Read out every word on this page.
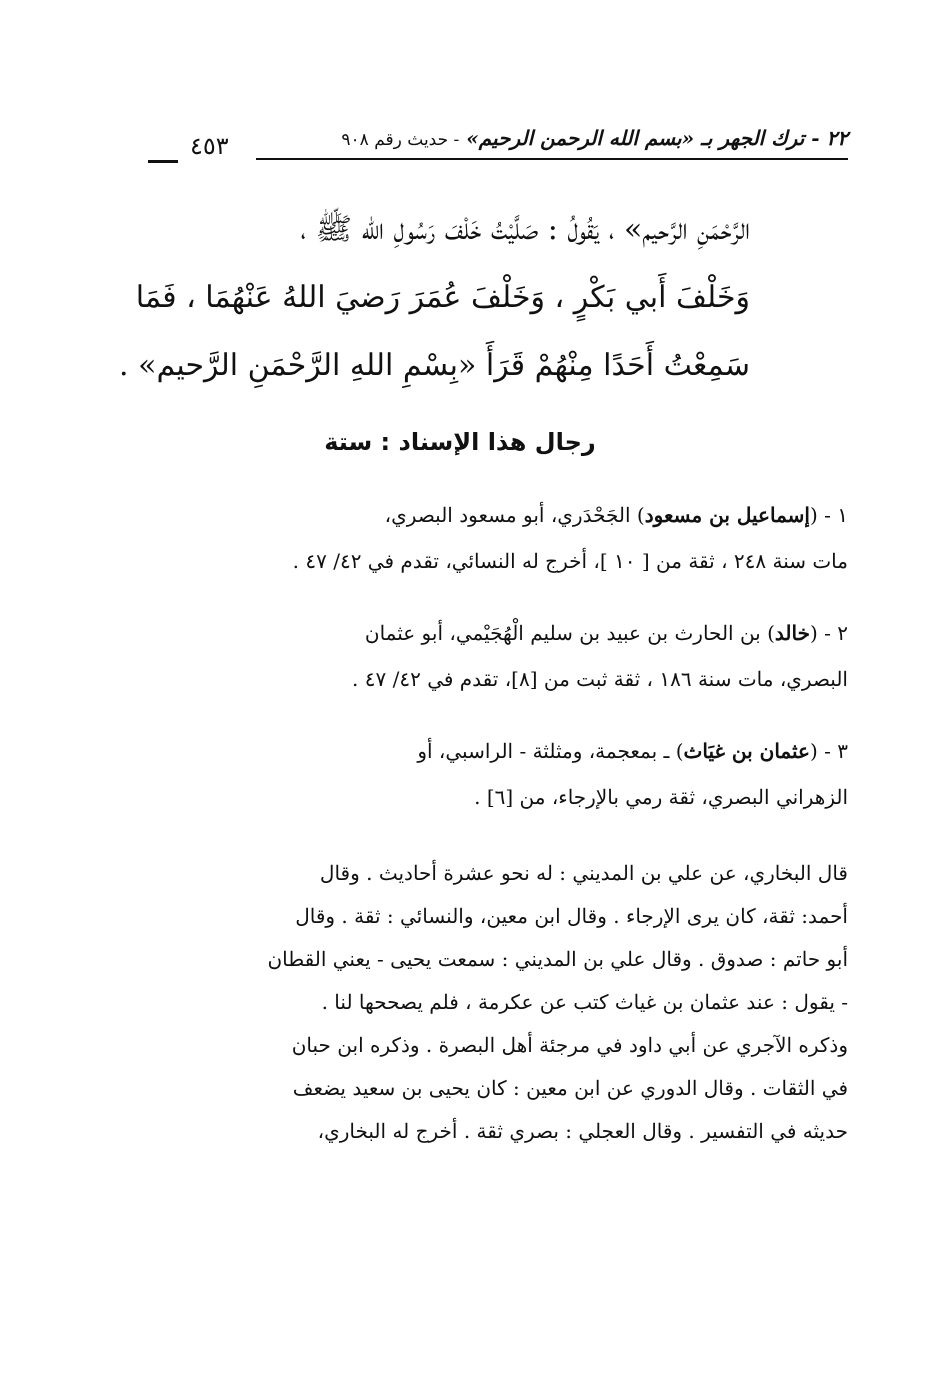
٢٢ - ترك الجهر بـ «بسم الله الرحمن الرحيم» - حديث رقم ٩٠٨
٤٥٣
الرَّحْمَنِ الرَّحيم» ، يَقُولُ : صَلَّيْتُ خَلْفَ رَسُولِ الله ﷺ ،
وَخَلْفَ أَبي بَكْرٍ ، وَخَلْفَ عُمَرَ رَضيَ اللهُ عَنْهُمَا ، فَمَا
سَمِعْتُ أَحَدًا مِنْهُمْ قَرَأَ «بِسْمِ اللهِ الرَّحْمَنِ الرَّحيم» .
رجال هذا الإسناد : ستة
١ - (إسماعيل بن مسعود) الجَحْدَري، أبو مسعود البصري،
مات سنة ٢٤٨ ، ثقة من [ ١٠ ]، أخرج له النسائي، تقدم في ٤٢/ ٤٧ .
٢ - (خالد) بن الحارث بن عبيد بن سليم الْهُجَيْمي، أبو عثمان
البصري، مات سنة ١٨٦ ، ثقة ثبت من [٨]، تقدم في ٤٢/ ٤٧ .
٣ - (عثمان بن غيَاث) ـ بمعجمة، ومثلثة - الراسبي، أو
الزهراني البصري، ثقة رمي بالإرجاء، من [٦] .
قال البخاري، عن علي بن المديني : له نحو عشرة أحاديث . وقال
أحمد: ثقة، كان يرى الإرجاء . وقال ابن معين، والنسائي : ثقة . وقال
أبو حاتم : صدوق . وقال علي بن المديني : سمعت يحيى - يعني القطان
- يقول : عند عثمان بن غياث كتب عن عكرمة ، فلم يصححها لنا .
وذكره الآجري عن أبي داود في مرجئة أهل البصرة . وذكره ابن حبان
في الثقات . وقال الدوري عن ابن معين : كان يحيى بن سعيد يضعف
حديثه في التفسير . وقال العجلي : بصري ثقة . أخرج له البخاري،
